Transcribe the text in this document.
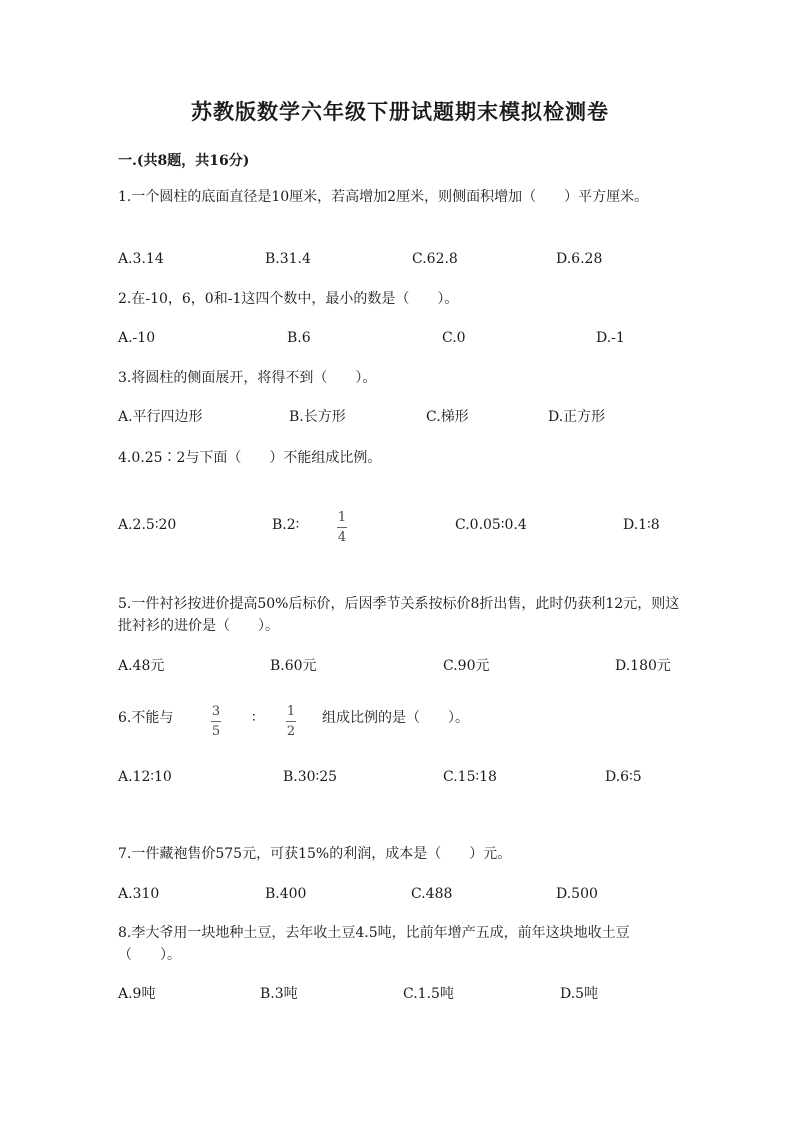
苏教版数学六年级下册试题期末模拟检测卷
一.(共8题，共16分)
1.一个圆柱的底面直径是10厘米，若高增加2厘米，则侧面积增加（　　）平方厘米。
A.3.14	B.31.4	C.62.8	D.6.28
2.在-10，6，0和-1这四个数中，最小的数是（　　）。
A.-10	B.6	C.0	D.-1
3.将圆柱的侧面展开，将得不到（　　）。
A.平行四边形	B.长方形	C.梯形	D.正方形
4.0.25∶2与下面（　　）不能组成比例。
A.2.5∶20	B.2∶	1
4
C.0.05∶0.4	D.1∶8
5.一件衬衫按进价提高50%后标价，后因季节关系按标价8折出售，此时仍获利12元，则这批衬衫的进价是（　　）。
A.48元	B.60元	C.90元	D.180元
6.不能与	3
5
∶ 1
2
组成比例的是（　　）。
A.12∶10	B.30∶25	C.15∶18	D.6∶5
7.一件藏袍售价575元，可获15%的利润，成本是（　　）元。
A.310	B.400	C.488	D.500
8.李大爷用一块地种土豆，去年收土豆4.5吨，比前年增产五成，前年这块地收土豆（　　）。
A.9吨	B.3吨	C.1.5吨	D.5吨
